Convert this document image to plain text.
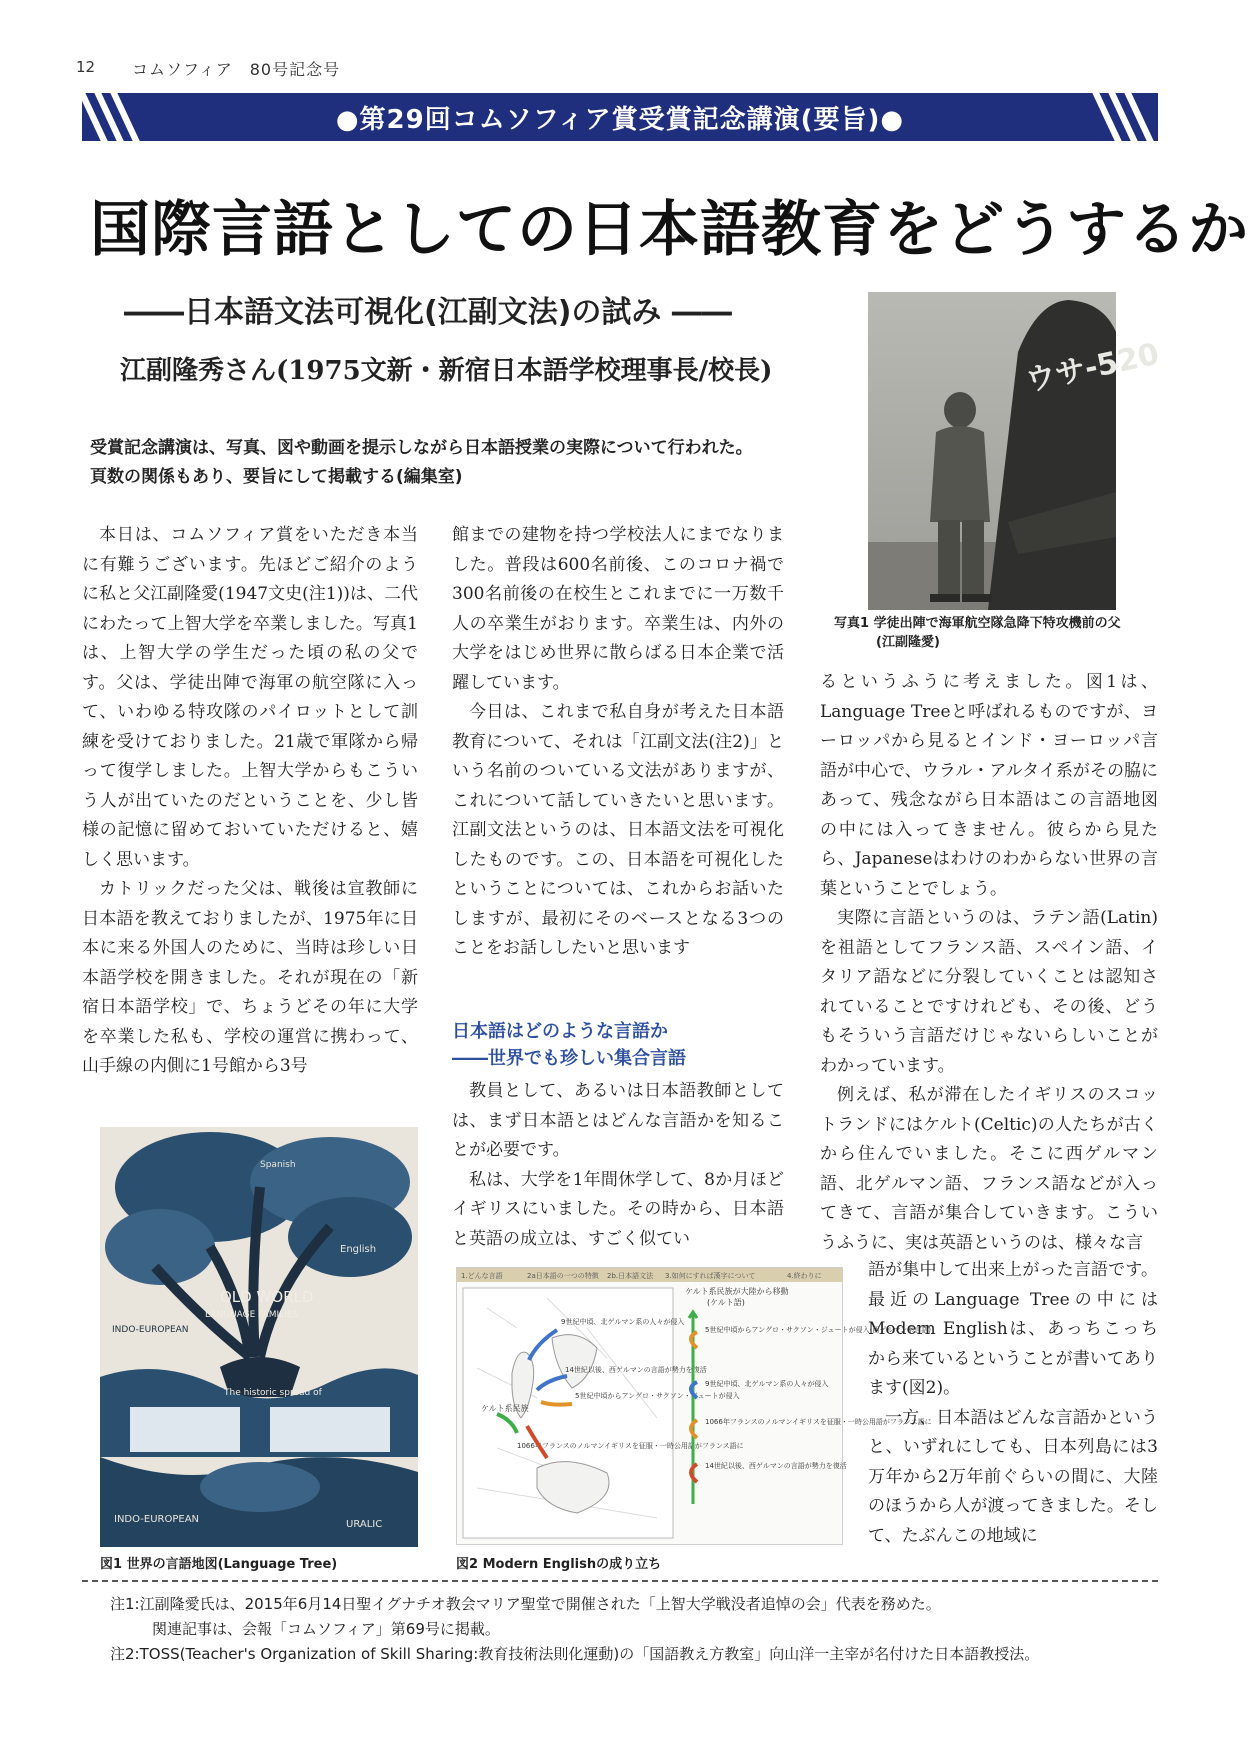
12 コムソフィア　80号記念号
●第29回コムソフィア賞受賞記念講演(要旨)●
国際言語としての日本語教育をどうするか
――日本語文法可視化(江副文法)の試み ――
江副隆秀さん(1975文新・新宿日本語学校理事長/校長)
受賞記念講演は、写真、図や動画を提示しながら日本語授業の実際について行われた。
頁数の関係もあり、要旨にして掲載する(編集室)
ウサ-520
写真1 学徒出陣で海軍航空隊急降下特攻機前の父
(江副隆愛)

本日は、コムソフィア賞をいただき本当に有難うございます。先ほどご紹介のように私と父江副隆愛(1947文史(注1))は、二代にわたって上智大学を卒業しました。写真1は、上智大学の学生だった頃の私の父です。父は、学徒出陣で海軍の航空隊に入って、いわゆる特攻隊のパイロットとして訓練を受けておりました。21歳で軍隊から帰って復学しました。上智大学からもこういう人が出ていたのだということを、少し皆様の記憶に留めておいていただけると、嬉しく思います。

カトリックだった父は、戦後は宣教師に日本語を教えておりましたが、1975年に日本に来る外国人のために、当時は珍しい日本語学校を開きました。それが現在の「新宿日本語学校」で、ちょうどその年に大学を卒業した私も、学校の運営に携わって、山手線の内側に1号館から3号

館までの建物を持つ学校法人にまでなりました。普段は600名前後、このコロナ禍で300名前後の在校生とこれまでに一万数千人の卒業生がおります。卒業生は、内外の大学をはじめ世界に散らばる日本企業で活躍しています。

今日は、これまで私自身が考えた日本語教育について、それは「江副文法(注2)」という名前のついている文法がありますが、これについて話していきたいと思います。江副文法というのは、日本語文法を可視化したものです。この、日本語を可視化したということについては、これからお話いたしますが、最初にそのベースとなる3つのことをお話ししたいと思います

日本語はどのような言語か
――世界でも珍しい集合言語

教員として、あるいは日本語教師としては、まず日本語とはどんな言語かを知ることが必要です。

私は、大学を1年間休学して、8か月ほどイギリスにいました。その時から、日本語と英語の成立は、すごく似てい

るというふうに考えました。図1は、Language Treeと呼ばれるものですが、ヨーロッパから見るとインド・ヨーロッパ言語が中心で、ウラル・アルタイ系がその脇にあって、残念ながら日本語はこの言語地図の中には入ってきません。彼らから見たら、Japaneseはわけのわからない世界の言葉ということでしょう。

実際に言語というのは、ラテン語(Latin)を祖語としてフランス語、スペイン語、イタリア語などに分裂していくことは認知されていることですけれども、その後、どうもそういう言語だけじゃないらしいことがわかっています。

例えば、私が滞在したイギリスのスコットランドにはケルト(Celtic)の人たちが古くから住んでいました。そこに西ゲルマン語、北ゲルマン語、フランス語などが入ってきて、言語が集合していきます。こういうふうに、実は英語というのは、様々な言

語が集中して出来上がった言語です。最近のLanguage Treeの中にはModern Englishは、あっちこっちから来ているということが書いてあります(図2)。

一方、日本語はどんな言語かというと、いずれにしても、日本列島には3万年から2万年前ぐらいの間に、大陸のほうから人が渡ってきました。そして、たぶんこの地域に

English
Spanish
OLD WORLD
LANGUAGE FAMILIES
INDO-EUROPEAN
The historic spread of
URALIC
INDO-EUROPEAN
図1 世界の言語地図(Language Tree)
1.どんな言語	2a日本語の一つの特徴 2b.日本語文法 3.如何にすれば漢字について	4.終わりに
9世紀中頃、北ゲルマン系の人々が侵入
14世紀以後、西ゲルマンの言語が勢力を復活
5世紀中頃からアングロ・サクソン・ジュートが侵入
ケルト系民族
1066年フランスのノルマンイギリスを征服・一時公用語がフランス語に
ケルト系民族が大陸から移動
(ケルト語)
5世紀中頃からアングロ・サクソン・ジュートが侵入(西ゲルマン系言語)
9世紀中頃、北ゲルマン系の人々が侵入
1066年フランスのノルマンイギリスを征服・一時公用語がフランス語に
14世紀以後、西ゲルマンの言語が勢力を復活
図2 Modern Englishの成り立ち
注1:江副隆愛氏は、2015年6月14日聖イグナチオ教会マリア聖堂で開催された「上智大学戦没者追悼の会」代表を務めた。
関連記事は、会報「コムソフィア」第69号に掲載。
注2:TOSS(Teacher's Organization of Skill Sharing:教育技術法則化運動)の「国語教え方教室」向山洋一主宰が名付けた日本語教授法。
